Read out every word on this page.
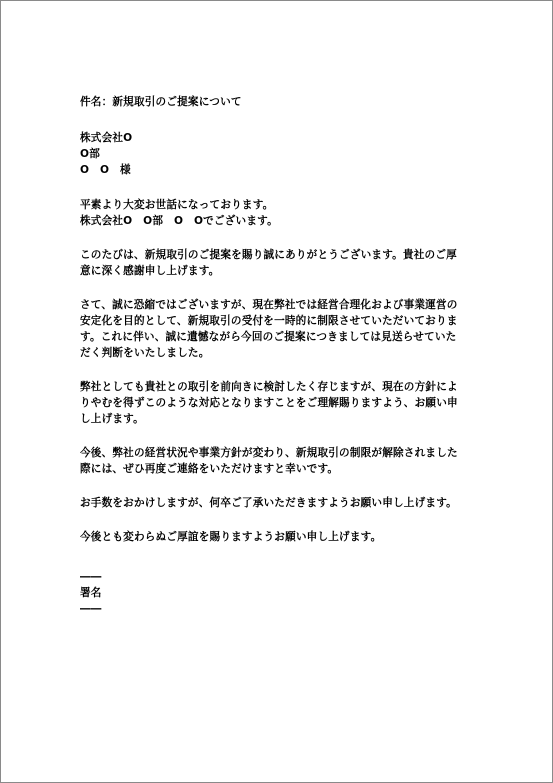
件名：新規取引のご提案について
株式会社O
O部
O　O　様
平素より大変お世話になっております。
株式会社O　O部　O　Oでございます。
このたびは、新規取引のご提案を賜り誠にありがとうございます。貴社のご厚
意に深く感謝申し上げます。
さて、誠に恐縮ではございますが、現在弊社では経営合理化および事業運営の
安定化を目的として、新規取引の受付を一時的に制限させていただいておりま
す。これに伴い、誠に遺憾ながら今回のご提案につきましては見送らせていた
だく判断をいたしました。
弊社としても貴社との取引を前向きに検討したく存じますが、現在の方針によ
りやむを得ずこのような対応となりますことをご理解賜りますよう、お願い申
し上げます。
今後、弊社の経営状況や事業方針が変わり、新規取引の制限が解除されました
際には、ぜひ再度ご連絡をいただけますと幸いです。
お手数をおかけしますが、何卒ご了承いただきますようお願い申し上げます。
今後とも変わらぬご厚誼を賜りますようお願い申し上げます。
――
署名
――
